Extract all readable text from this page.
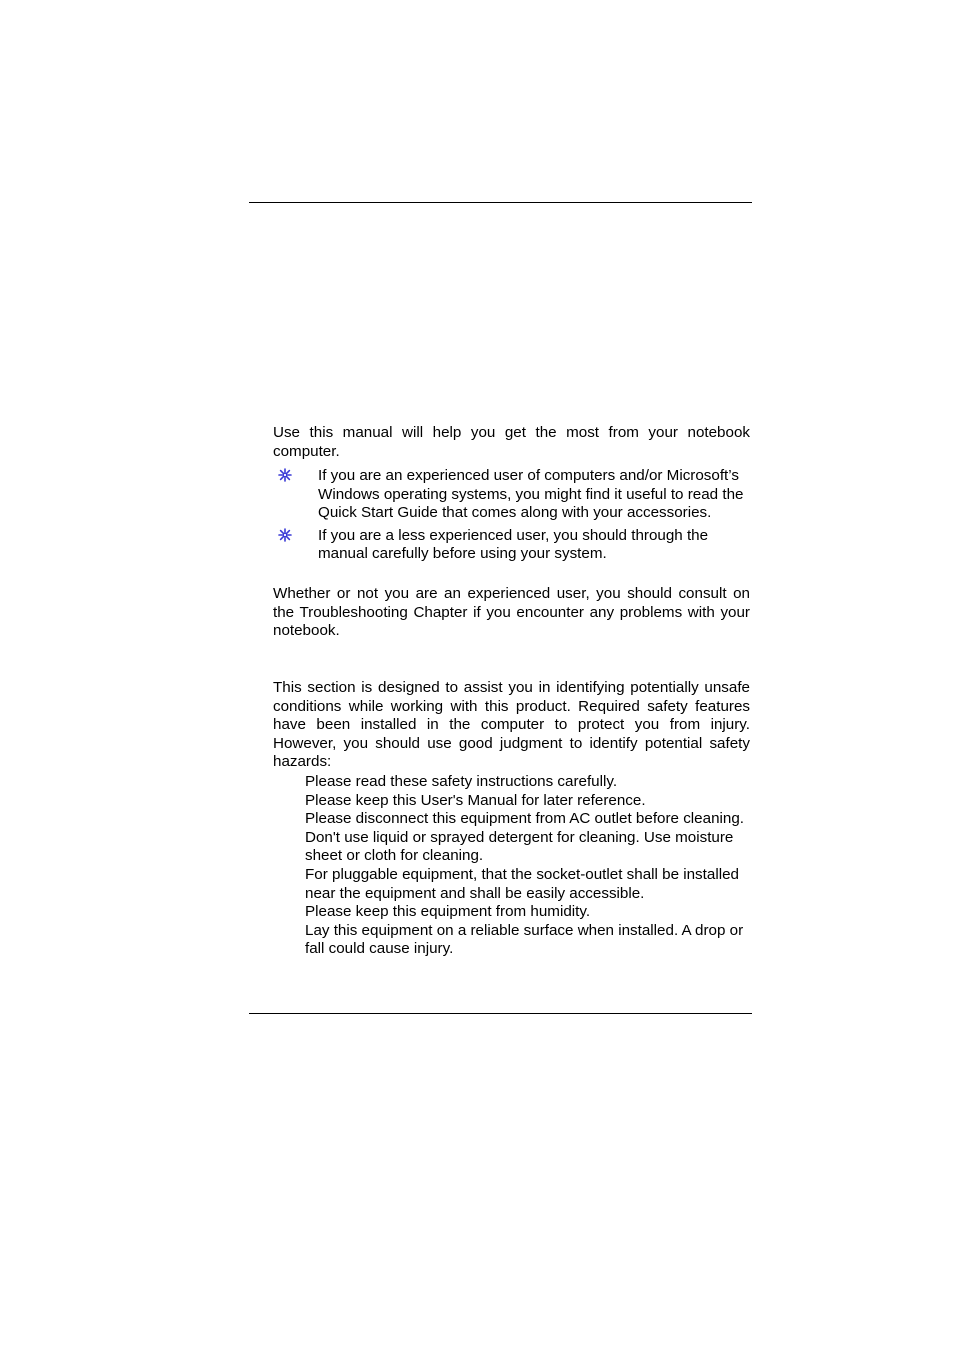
Use this manual will help you get the most from your notebook computer.

If you are an experienced user of computers and/or Microsoft’s Windows operating systems, you might find it useful to read the Quick Start Guide that comes along with your accessories.
If you are a less experienced user, you should through the manual carefully before using your system.

Whether or not you are an experienced user, you should consult on the Troubleshooting Chapter if you encounter any problems with your notebook.

This section is designed to assist you in identifying potentially unsafe conditions while working with this product. Required safety features have been installed in the computer to protect you from injury. However, you should use good judgment to identify potential safety hazards:

Please read these safety instructions carefully.
Please keep this User's Manual for later reference.
Please disconnect this equipment from AC outlet before cleaning. Don't use liquid or sprayed detergent for cleaning. Use moisture sheet or cloth for cleaning.
For pluggable equipment, that the socket-outlet shall be installed near the equipment and shall be easily accessible.
Please keep this equipment from humidity.
Lay this equipment on a reliable surface when installed. A drop or fall could cause injury.
